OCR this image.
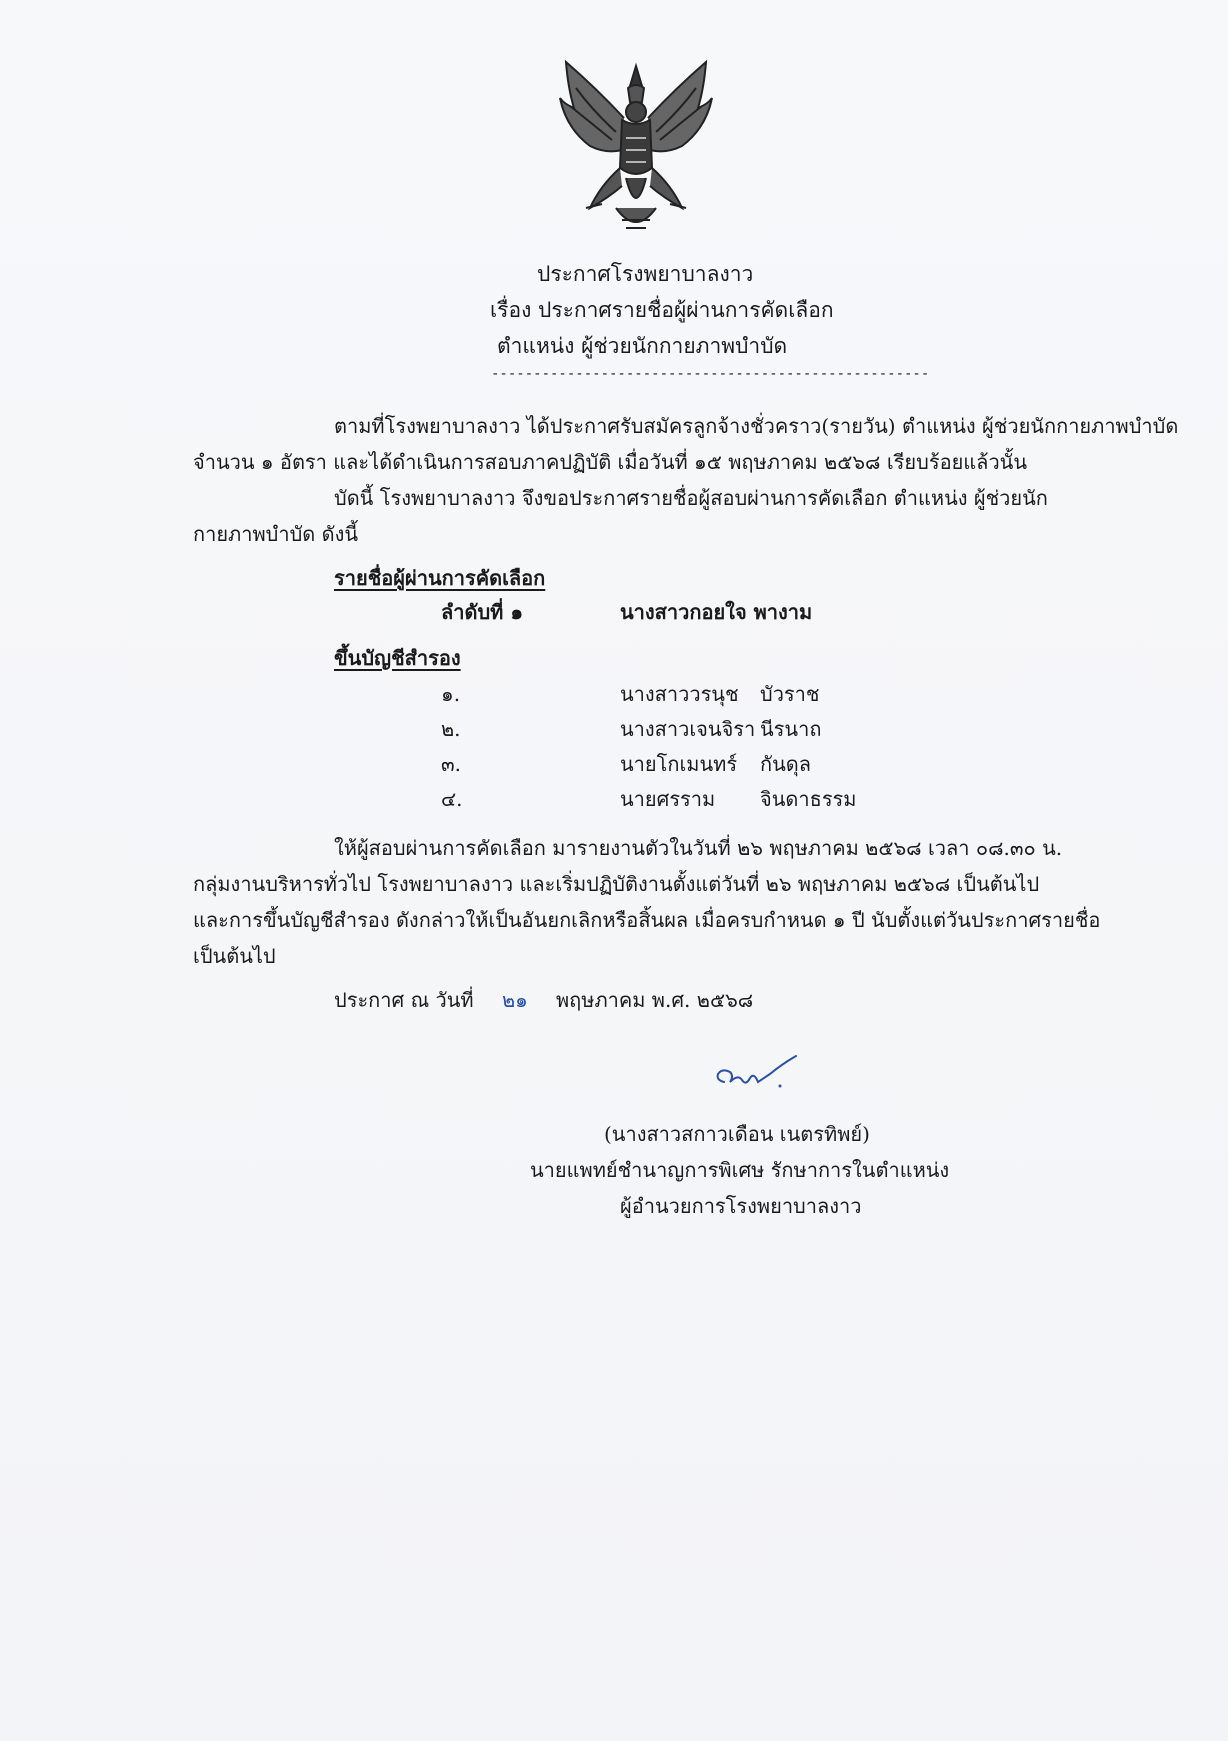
ประกาศโรงพยาบาลงาว
เรื่อง ประกาศรายชื่อผู้ผ่านการคัดเลือก
ตำแหน่ง ผู้ช่วยนักกายภาพบำบัด
----------------------------------------------------
ตามที่โรงพยาบาลงาว ได้ประกาศรับสมัครลูกจ้างชั่วคราว(รายวัน) ตำแหน่ง ผู้ช่วยนักกายภาพบำบัด
จำนวน ๑ อัตรา และได้ดำเนินการสอบภาคปฏิบัติ เมื่อวันที่ ๑๕ พฤษภาคม ๒๕๖๘ เรียบร้อยแล้วนั้น
บัดนี้ โรงพยาบาลงาว จึงขอประกาศรายชื่อผู้สอบผ่านการคัดเลือก ตำแหน่ง ผู้ช่วยนัก
กายภาพบำบัด ดังนี้
รายชื่อผู้ผ่านการคัดเลือก
ลำดับที่ ๑	นางสาวกอยใจ พางาม
ขึ้นบัญชีสำรอง
๑.	นางสาววรนุช บัวราช
๒.	นางสาวเจนจิรา นีรนาถ
๓.	นายโกเมนทร์ กันดุล
๔.	นายศรราม จินดาธรรม
ให้ผู้สอบผ่านการคัดเลือก มารายงานตัวในวันที่ ๒๖ พฤษภาคม ๒๕๖๘ เวลา ๐๘.๓๐ น.
กลุ่มงานบริหารทั่วไป โรงพยาบาลงาว และเริ่มปฏิบัติงานตั้งแต่วันที่ ๒๖ พฤษภาคม ๒๕๖๘ เป็นต้นไป
และการขึ้นบัญชีสำรอง ดังกล่าวให้เป็นอันยกเลิกหรือสิ้นผล เมื่อครบกำหนด ๑ ปี นับตั้งแต่วันประกาศรายชื่อ
เป็นต้นไป
ประกาศ ณ วันที่ ๒๑ พฤษภาคม พ.ศ. ๒๕๖๘
(นางสาวสกาวเดือน เนตรทิพย์)
นายแพทย์ชำนาญการพิเศษ รักษาการในตำแหน่ง
ผู้อำนวยการโรงพยาบาลงาว
